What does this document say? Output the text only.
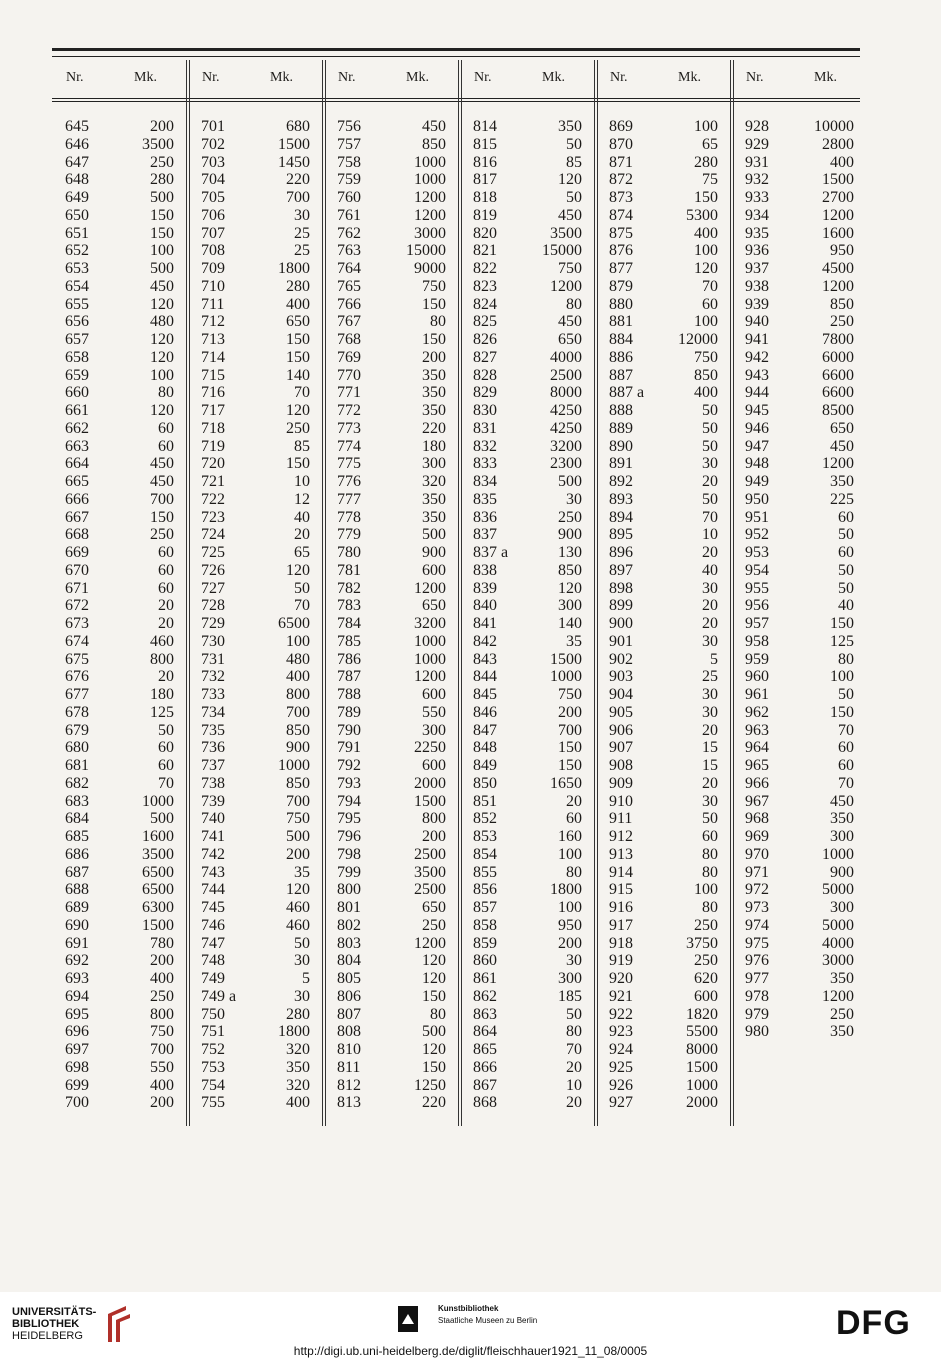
Nr.	Mk.
645	200
646	3500
647	250
648	280
649	500
650	150
651	150
652	100
653	500
654	450
655	120
656	480
657	120
658	120
659	100
660	80
661	120
662	60
663	60
664	450
665	450
666	700
667	150
668	250
669	60
670	60
671	60
672	20
673	20
674	460
675	800
676	20
677	180
678	125
679	50
680	60
681	60
682	70
683	1000
684	500
685	1600
686	3500
687	6500
688	6500
689	6300
690	1500
691	780
692	200
693	400
694	250
695	800
696	750
697	700
698	550
699	400
700	200
Nr.	Mk.
701	680
702	1500
703	1450
704	220
705	700
706	30
707	25
708	25
709	1800
710	280
711	400
712	650
713	150
714	150
715	140
716	70
717	120
718	250
719	85
720	150
721	10
722	12
723	40
724	20
725	65
726	120
727	50
728	70
729	6500
730	100
731	480
732	400
733	800
734	700
735	850
736	900
737	1000
738	850
739	700
740	750
741	500
742	200
743	35
744	120
745	460
746	460
747	50
748	30
749	5
749 a	30
750	280
751	1800
752	320
753	350
754	320
755	400
Nr.	Mk.
756	450
757	850
758	1000
759	1000
760	1200
761	1200
762	3000
763	15000
764	9000
765	750
766	150
767	80
768	150
769	200
770	350
771	350
772	350
773	220
774	180
775	300
776	320
777	350
778	350
779	500
780	900
781	600
782	1200
783	650
784	3200
785	1000
786	1000
787	1200
788	600
789	550
790	300
791	2250
792	600
793	2000
794	1500
795	800
796	200
798	2500
799	3500
800	2500
801	650
802	250
803	1200
804	120
805	120
806	150
807	80
808	500
810	120
811	150
812	1250
813	220
Nr.	Mk.
814	350
815	50
816	85
817	120
818	50
819	450
820	3500
821	15000
822	750
823	1200
824	80
825	450
826	650
827	4000
828	2500
829	8000
830	4250
831	4250
832	3200
833	2300
834	500
835	30
836	250
837	900
837 a	130
838	850
839	120
840	300
841	140
842	35
843	1500
844	1000
845	750
846	200
847	700
848	150
849	150
850	1650
851	20
852	60
853	160
854	100
855	80
856	1800
857	100
858	950
859	200
860	30
861	300
862	185
863	50
864	80
865	70
866	20
867	10
868	20
Nr.	Mk.
869	100
870	65
871	280
872	75
873	150
874	5300
875	400
876	100
877	120
879	70
880	60
881	100
884	12000
886	750
887	850
887 a	400
888	50
889	50
890	50
891	30
892	20
893	50
894	70
895	10
896	20
897	40
898	30
899	20
900	20
901	30
902	5
903	25
904	30
905	30
906	20
907	15
908	15
909	20
910	30
911	50
912	60
913	80
914	80
915	100
916	80
917	250
918	3750
919	250
920	620
921	600
922	1820
923	5500
924	8000
925	1500
926	1000
927	2000
Nr.	Mk.
928	10000
929	2800
931	400
932	1500
933	2700
934	1200
935	1600
936	950
937	4500
938	1200
939	850
940	250
941	7800
942	6000
943	6600
944	6600
945	8500
946	650
947	450
948	1200
949	350
950	225
951	60
952	50
953	60
954	50
955	50
956	40
957	150
958	125
959	80
960	100
961	50
962	150
963	70
964	60
965	60
966	70
967	450
968	350
969	300
970	1000
971	900
972	5000
973	300
974	5000
975	4000
976	3000
977	350
978	1200
979	250
980	350
UNIVERSITÄTS-
BIBLIOTHEK
HEIDELBERG
Kunstbibliothek
Staatliche Museen zu Berlin	DFG
http://digi.ub.uni-heidelberg.de/diglit/fleischhauer1921_11_08/0005
